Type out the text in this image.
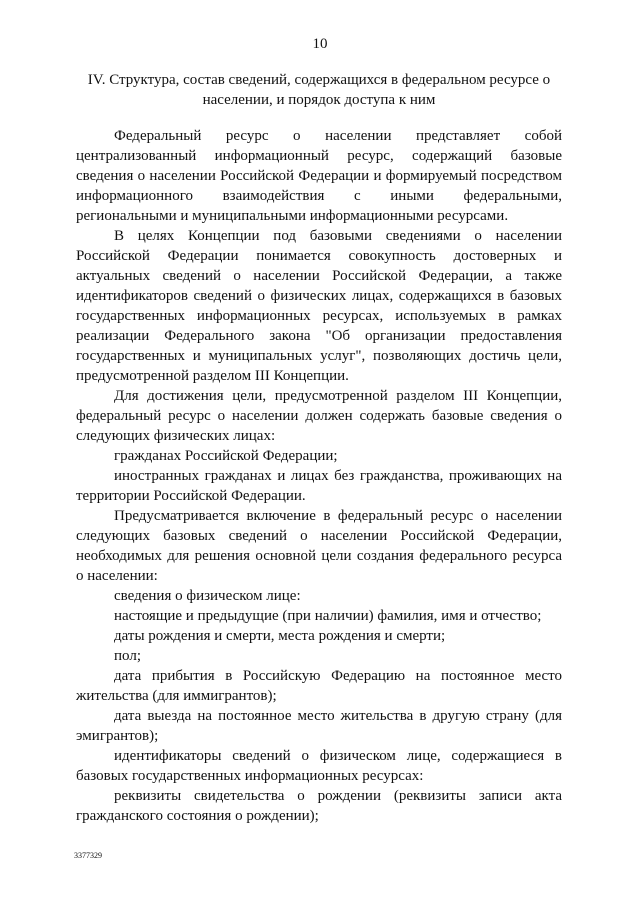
10
IV. Структура, состав сведений, содержащихся в федеральном ресурсе о населении, и порядок доступа к ним

Федеральный ресурс о населении представляет собой централизованный информационный ресурс, содержащий базовые сведения о населении Российской Федерации и формируемый посредством информационного взаимодействия с иными федеральными, региональными и муниципальными информационными ресурсами.

В целях Концепции под базовыми сведениями о населении Российской Федерации понимается совокупность достоверных и актуальных сведений о населении Российской Федерации, а также идентификаторов сведений о физических лицах, содержащихся в базовых государственных информационных ресурсах, используемых в рамках реализации Федерального закона "Об организации предоставления государственных и муниципальных услуг", позволяющих достичь цели, предусмотренной разделом III Концепции.

Для достижения цели, предусмотренной разделом III Концепции, федеральный ресурс о населении должен содержать базовые сведения о следующих физических лицах:

гражданах Российской Федерации;

иностранных гражданах и лицах без гражданства, проживающих на территории Российской Федерации.

Предусматривается включение в федеральный ресурс о населении следующих базовых сведений о населении Российской Федерации, необходимых для решения основной цели создания федерального ресурса о населении:

сведения о физическом лице:

настоящие и предыдущие (при наличии) фамилия, имя и отчество;

даты рождения и смерти, места рождения и смерти;

пол;

дата прибытия в Российскую Федерацию на постоянное место жительства (для иммигрантов);

дата выезда на постоянное место жительства в другую страну (для эмигрантов);

идентификаторы сведений о физическом лице, содержащиеся в базовых государственных информационных ресурсах:

реквизиты свидетельства о рождении (реквизиты записи акта гражданского состояния о рождении);

3377329
